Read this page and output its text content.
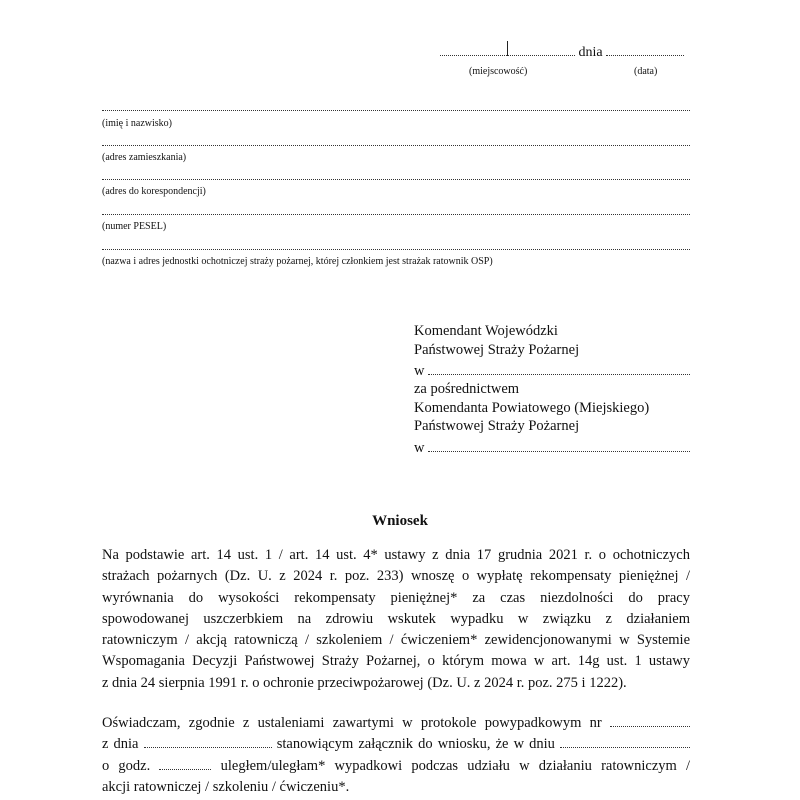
dnia
(miejscowość)	(data)
(imię i nazwisko)
(adres zamieszkania)
(adres do korespondencji)
(numer PESEL)
(nazwa i adres jednostki ochotniczej straży pożarnej, której członkiem jest strażak ratownik OSP)
Komendant Wojewódzki
Państwowej Straży Pożarnej
w
za pośrednictwem
Komendanta Powiatowego (Miejskiego)
Państwowej Straży Pożarnej
w
Wniosek
Na podstawie art. 14 ust. 1 / art. 14 ust. 4* ustawy z dnia 17 grudnia 2021 r. o ochotniczych
strażach pożarnych (Dz. U. z 2024 r. poz. 233) wnoszę o wypłatę rekompensaty pieniężnej /
wyrównania do wysokości rekompensaty pieniężnej* za czas niezdolności do pracy
spowodowanej uszczerbkiem na zdrowiu wskutek wypadku w związku z działaniem
ratowniczym / akcją ratowniczą / szkoleniem / ćwiczeniem* zewidencjonowanymi w Systemie
Wspomagania Decyzji Państwowej Straży Pożarnej, o którym mowa w art. 14g ust. 1 ustawy
z dnia 24 sierpnia 1991 r. o ochronie przeciwpożarowej (Dz. U. z 2024 r. poz. 275 i 1222).
Oświadczam, zgodnie z ustaleniami zawartymi w protokole powypadkowym nr
z dnia	stanowiącym załącznik do wniosku, że w dniu
o godz.	uległem/uległam* wypadkowi podczas udziału w działaniu ratowniczym /
akcji ratowniczej / szkoleniu / ćwiczeniu*.
